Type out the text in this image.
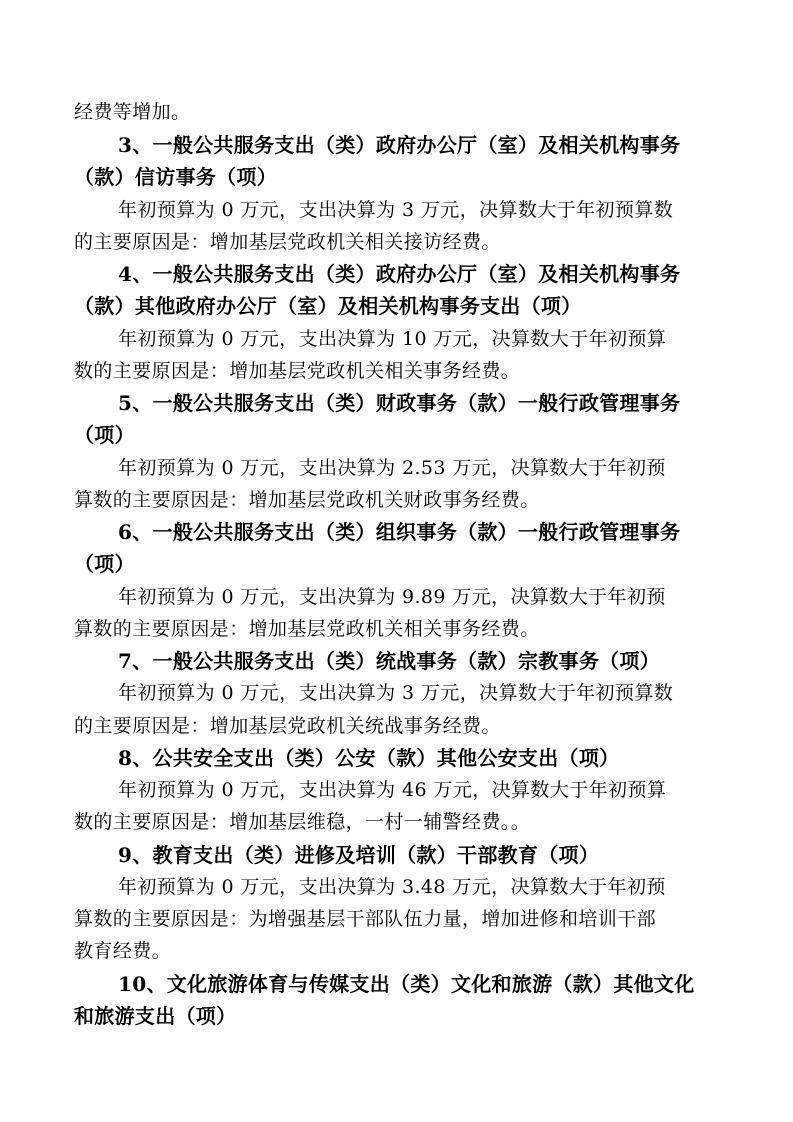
经费等增加。
3、一般公共服务支出（类）政府办公厅（室）及相关机构事务
（款）信访事务（项）
年初预算为 0 万元，支出决算为 3 万元，决算数大于年初预算数
的主要原因是：增加基层党政机关相关接访经费。
4、一般公共服务支出（类）政府办公厅（室）及相关机构事务
（款）其他政府办公厅（室）及相关机构事务支出（项）
年初预算为 0 万元，支出决算为 10 万元，决算数大于年初预算
数的主要原因是：增加基层党政机关相关事务经费。
5、一般公共服务支出（类）财政事务（款）一般行政管理事务
（项）
年初预算为 0 万元，支出决算为 2.53 万元，决算数大于年初预
算数的主要原因是：增加基层党政机关财政事务经费。
6、一般公共服务支出（类）组织事务（款）一般行政管理事务
（项）
年初预算为 0 万元，支出决算为 9.89 万元，决算数大于年初预
算数的主要原因是：增加基层党政机关相关事务经费。
7、一般公共服务支出（类）统战事务（款）宗教事务（项）
年初预算为 0 万元，支出决算为 3 万元，决算数大于年初预算数
的主要原因是：增加基层党政机关统战事务经费。
8、公共安全支出（类）公安（款）其他公安支出（项）
年初预算为 0 万元，支出决算为 46 万元，决算数大于年初预算
数的主要原因是：增加基层维稳，一村一辅警经费。。
9、教育支出（类）进修及培训（款）干部教育（项）
年初预算为 0 万元，支出决算为 3.48 万元，决算数大于年初预
算数的主要原因是：为增强基层干部队伍力量，增加进修和培训干部
教育经费。
10、文化旅游体育与传媒支出（类）文化和旅游（款）其他文化
和旅游支出（项）
